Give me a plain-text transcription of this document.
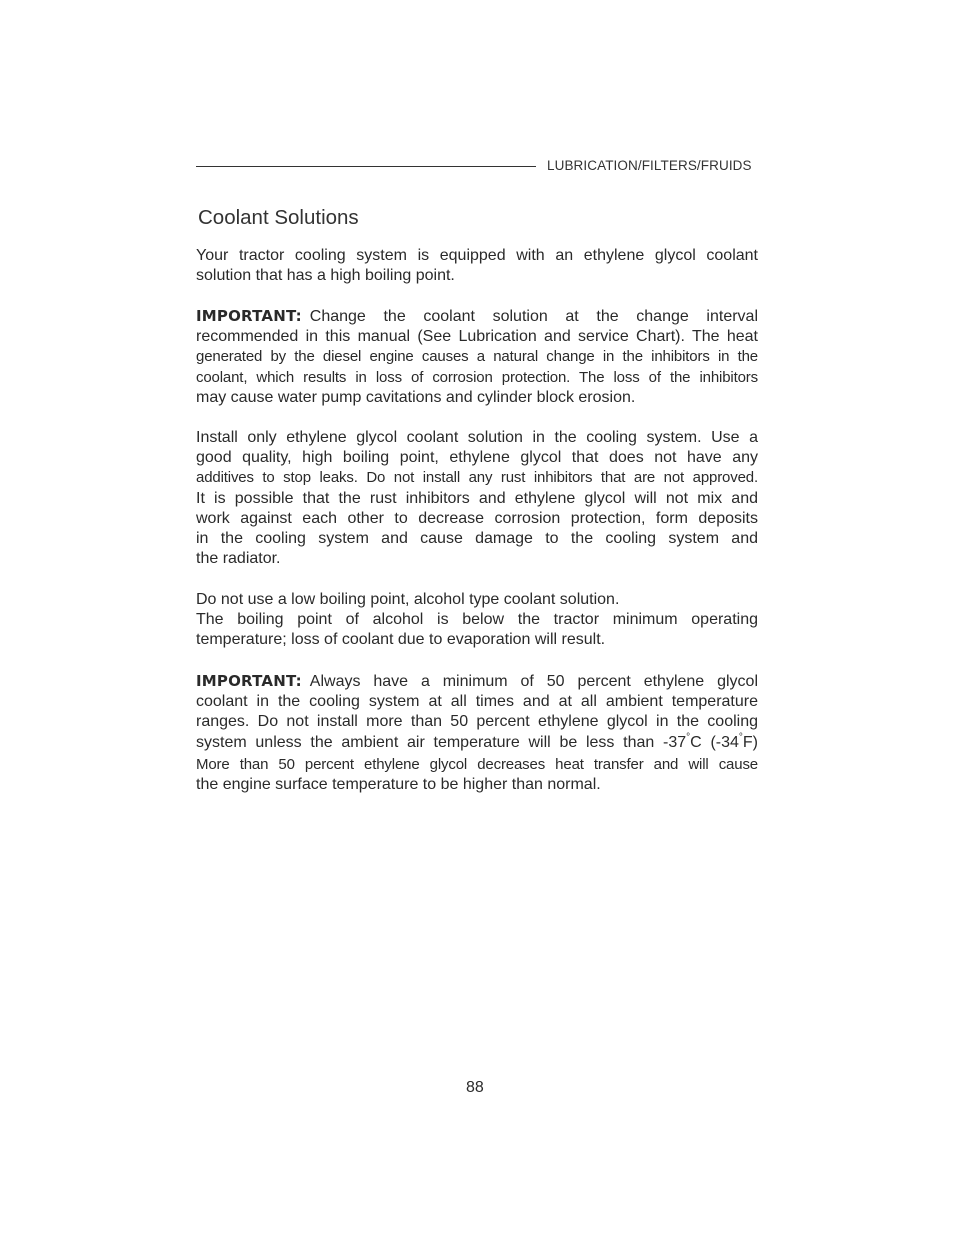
LUBRICATION/FILTERS/FRUIDS
Coolant Solutions
Your tractor cooling system is equipped with an ethylene glycol coolant
solution that has a high boiling point.
IMPORTANT: Change the coolant solution at the change interval
recommended in this manual (See Lubrication and service Chart). The heat
generated by the diesel engine causes a natural change in the inhibitors in the
coolant, which results in loss of corrosion protection. The loss of the inhibitors
may cause water pump cavitations and cylinder block erosion.
Install only ethylene glycol coolant solution in the cooling system. Use a
good quality, high boiling point, ethylene glycol that does not have any
additives to stop leaks. Do not install any rust inhibitors that are not approved.
It is possible that the rust inhibitors and ethylene glycol will not mix and
work against each other to decrease corrosion protection, form deposits
in the cooling system and cause damage to the cooling system and
the radiator.
Do not use a low boiling point, alcohol type coolant solution.
The boiling point of alcohol is below the tractor minimum operating
temperature; loss of coolant due to evaporation will result.
IMPORTANT: Always have a minimum of 50 percent ethylene glycol
coolant in the cooling system at all times and at all ambient temperature
ranges. Do not install more than 50 percent ethylene glycol in the cooling
system unless the ambient air temperature will be less than -37°C (-34°F)
More than 50 percent ethylene glycol decreases heat transfer and will cause
the engine surface temperature to be higher than normal.
88
